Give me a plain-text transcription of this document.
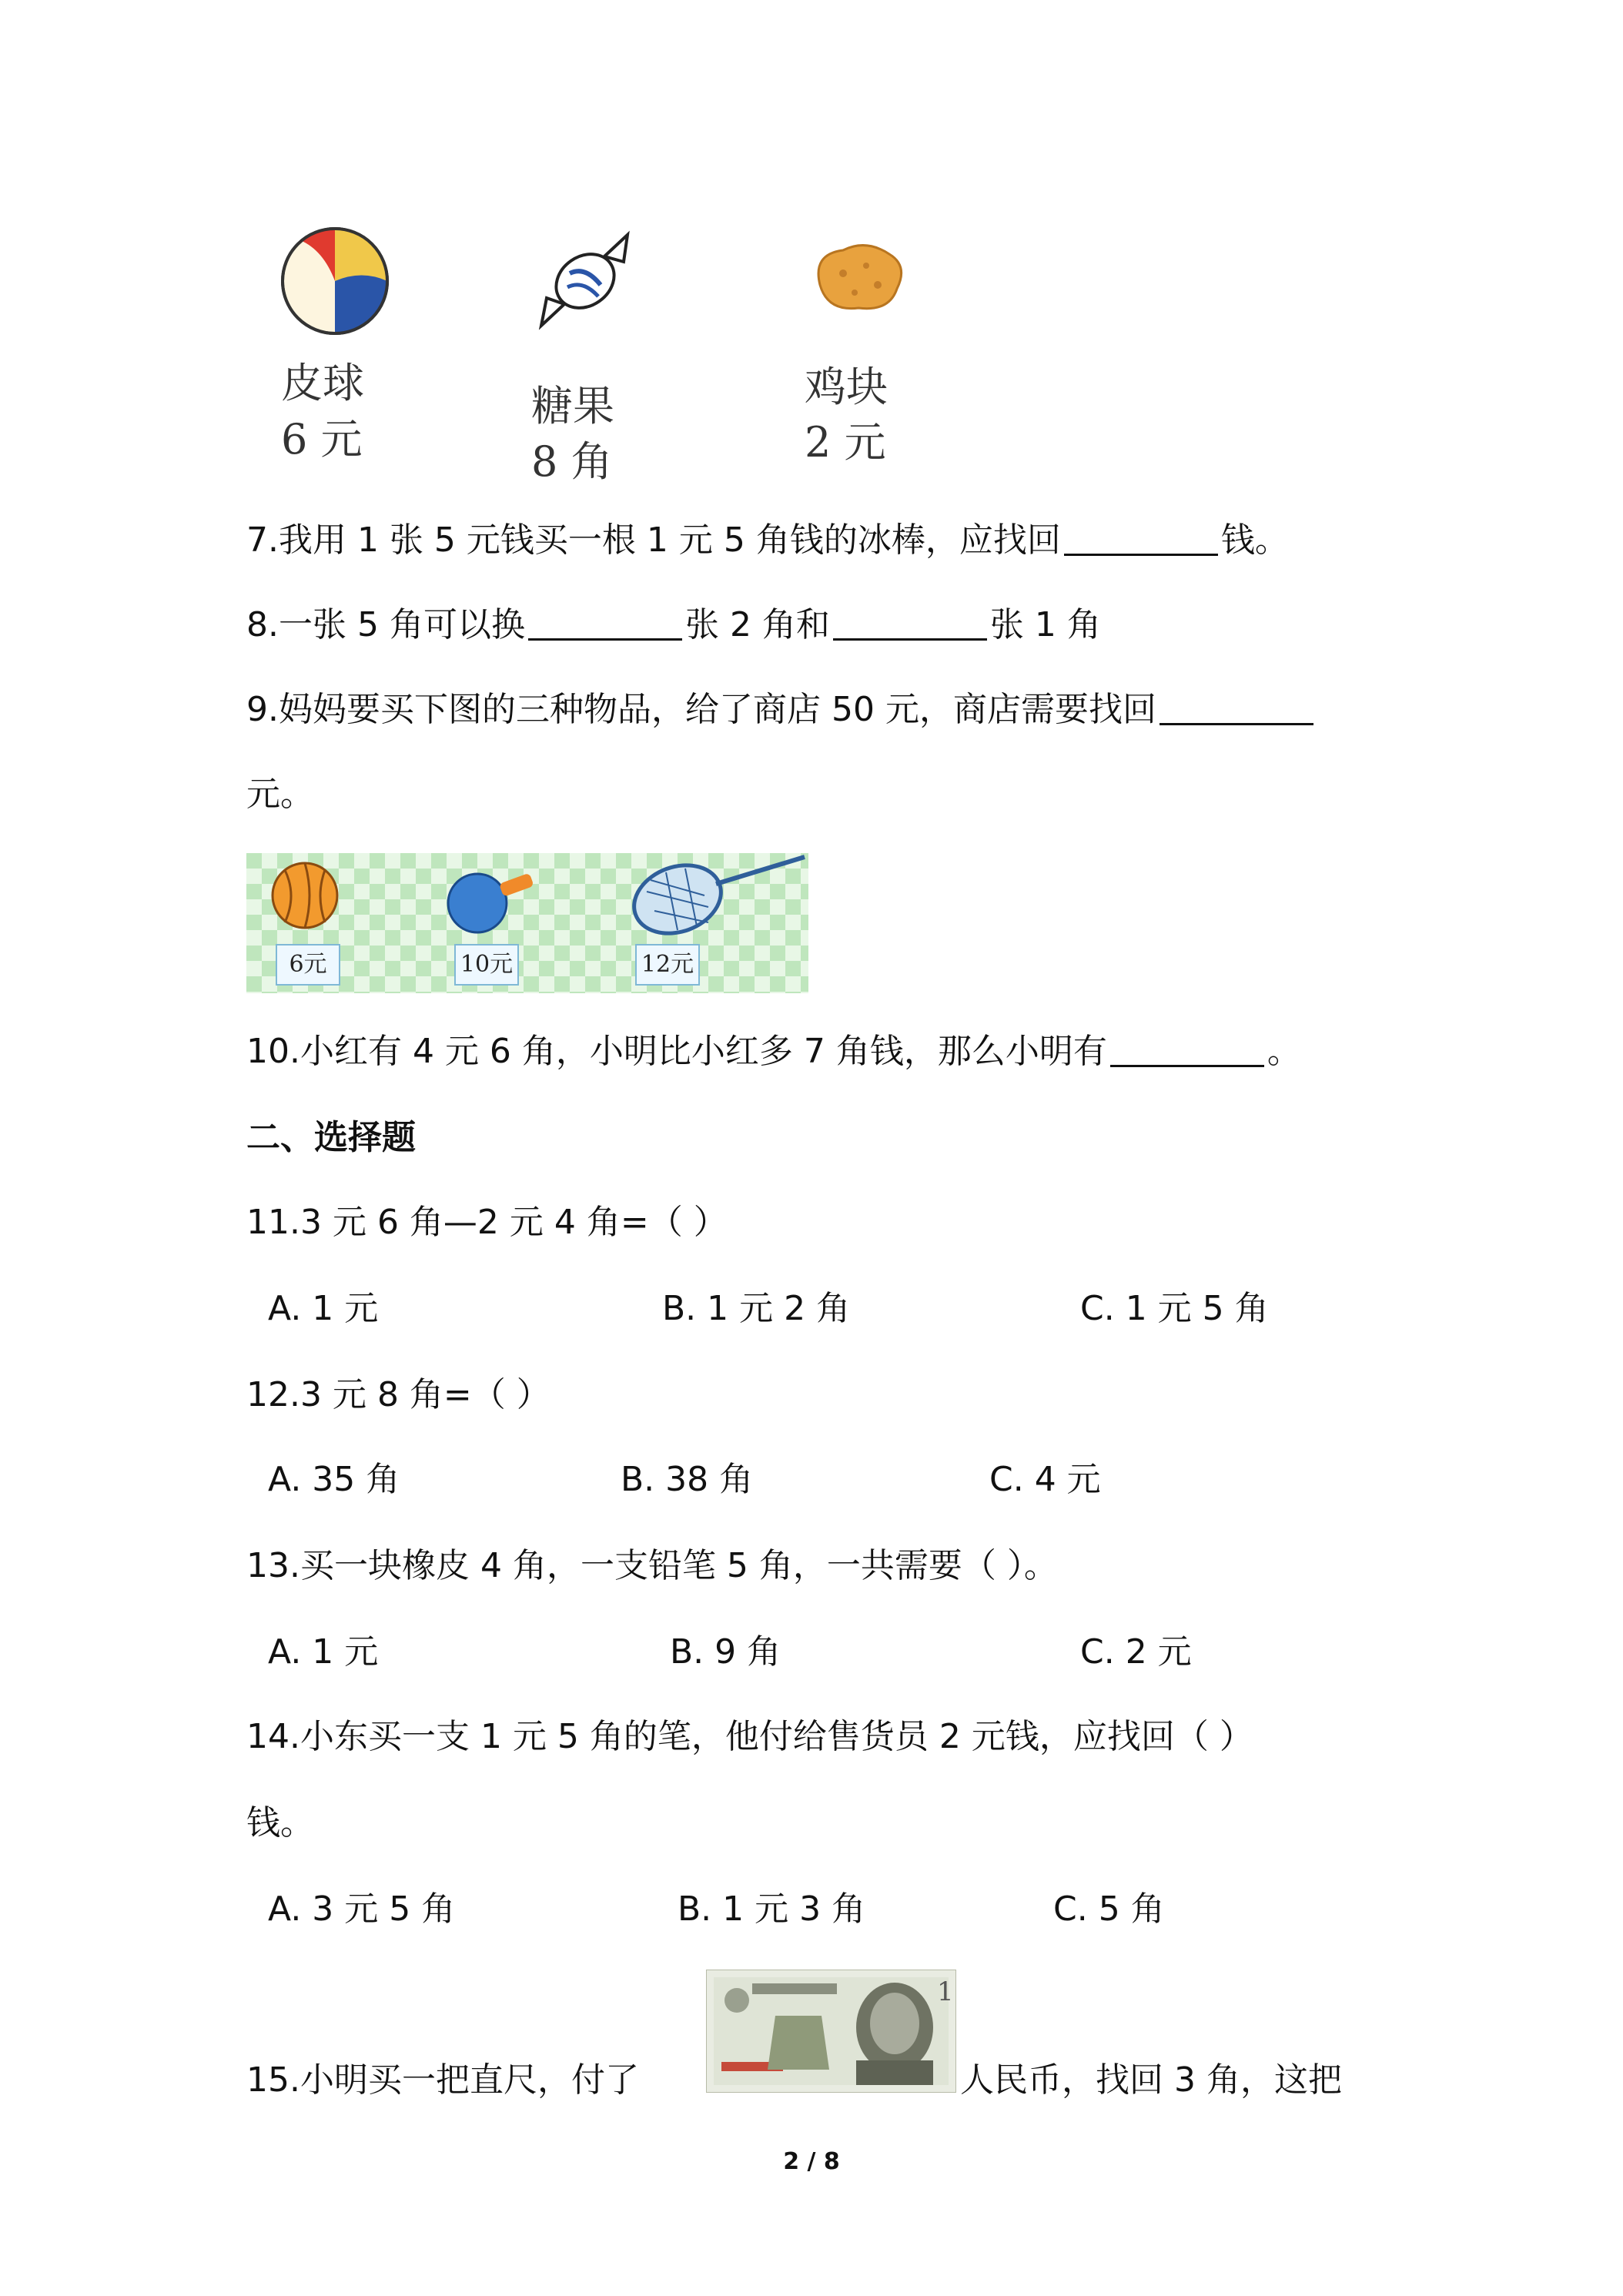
皮球
6 元
糖果
8 角
鸡块
2 元
7.我用 1 张 5 元钱买一根 1 元 5 角钱的冰棒，应找回	钱。
8.一张 5 角可以换	张 2 角和	张 1 角
9.妈妈要买下图的三种物品，给了商店 50 元，商店需要找回
元。
6元	10元	12元
10.小红有 4 元 6 角，小明比小红多 7 角钱，那么小明有	。
二、选择题
11.3 元 6 角—2 元 4 角=（ ）
A. 1 元	B. 1 元 2 角	C. 1 元 5 角
12.3 元 8 角=（ ）
A. 35 角	B. 38 角	C. 4 元
13.买一块橡皮 4 角，一支铅笔 5 角，一共需要（ ）。
A. 1 元	B. 9 角	C. 2 元
14.小东买一支 1 元 5 角的笔，他付给售货员 2 元钱，应找回（ ）
钱。
A. 3 元 5 角	B. 1 元 3 角	C. 5 角
15.小明买一把直尺，付了
1
人民币，找回 3 角，这把
2 / 8
